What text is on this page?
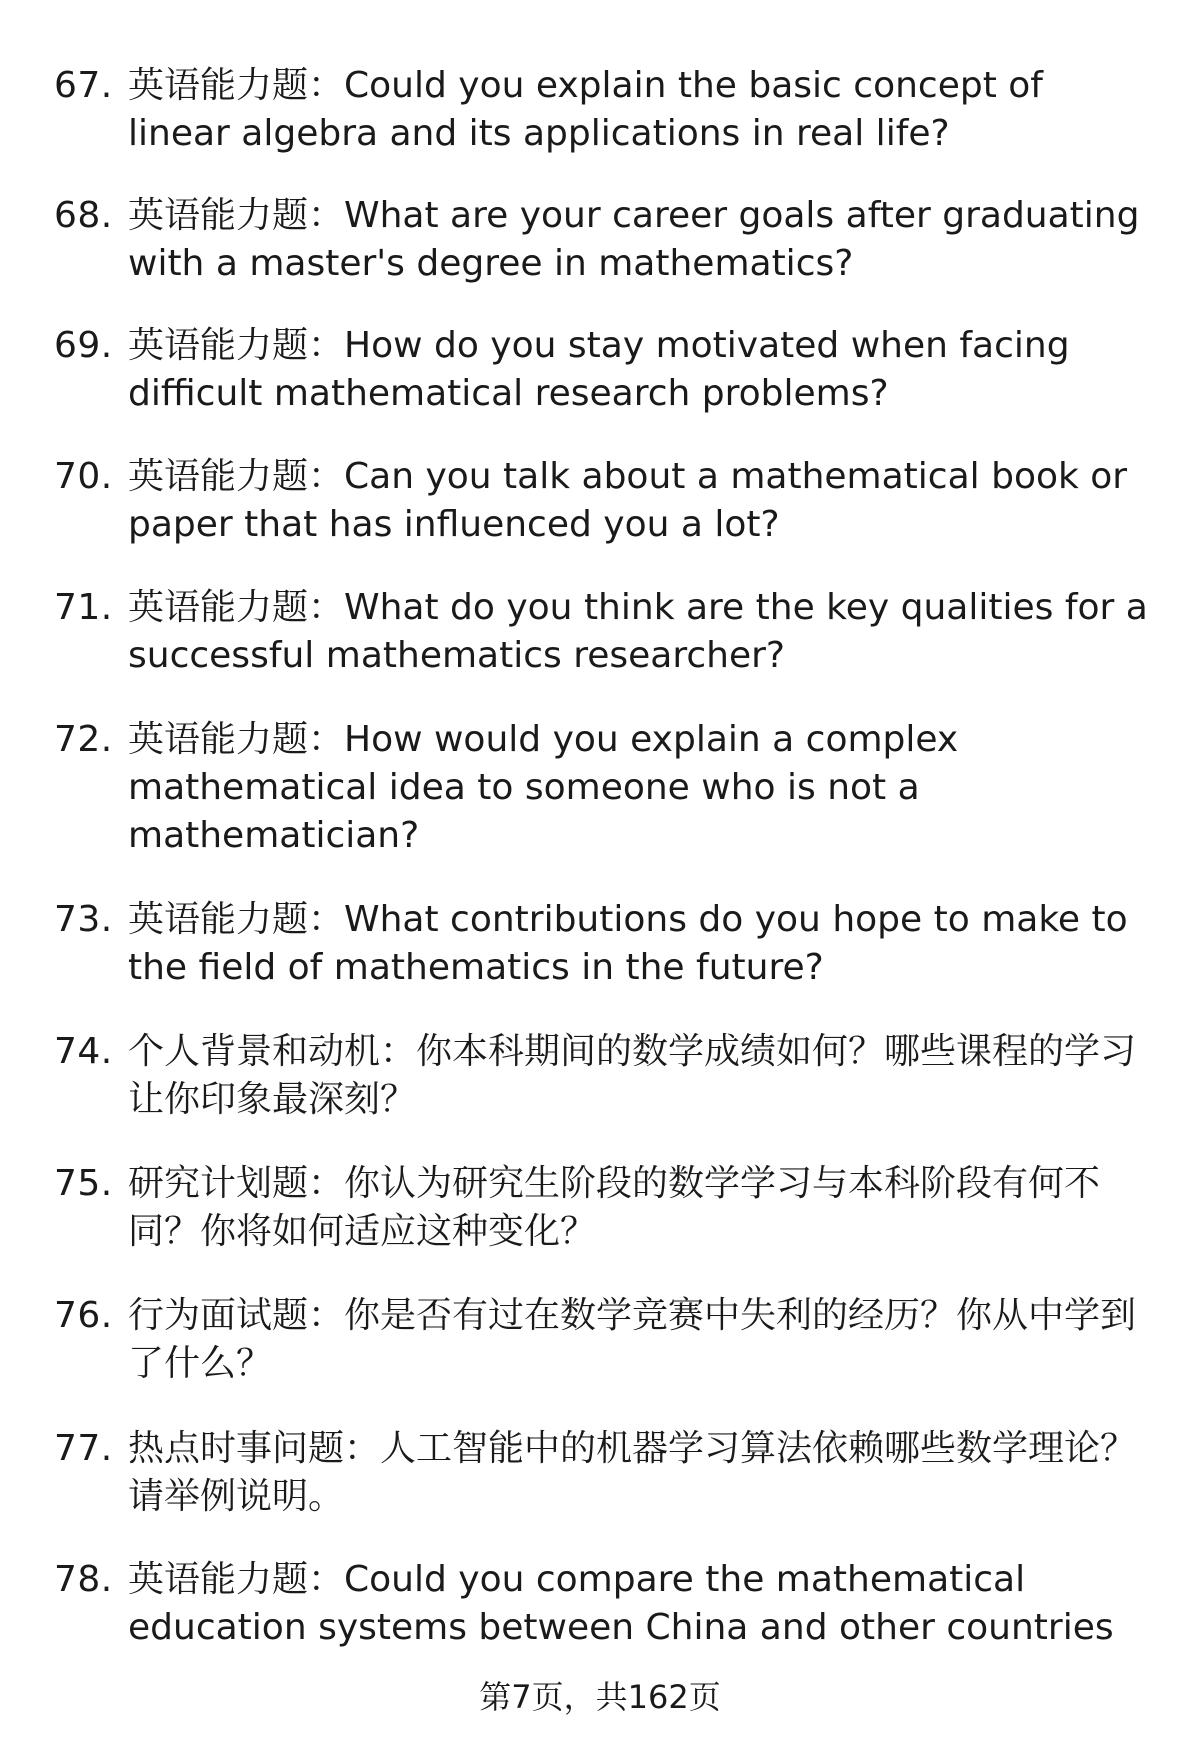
67. 英语能力题：Could you explain the basic concept of linear algebra and its applications in real life?
68. 英语能力题：What are your career goals after graduating with a master's degree in mathematics?
69. 英语能力题：How do you stay motivated when facing difficult mathematical research problems?
70. 英语能力题：Can you talk about a mathematical book or paper that has influenced you a lot?
71. 英语能力题：What do you think are the key qualities for a successful mathematics researcher?
72. 英语能力题：How would you explain a complex mathematical idea to someone who is not a mathematician?
73. 英语能力题：What contributions do you hope to make to the field of mathematics in the future?
74. 个人背景和动机：你本科期间的数学成绩如何？哪些课程的学习让你印象最深刻？
75. 研究计划题：你认为研究生阶段的数学学习与本科阶段有何不同？你将如何适应这种变化？
76. 行为面试题：你是否有过在数学竞赛中失利的经历？你从中学到了什么？
77. 热点时事问题：人工智能中的机器学习算法依赖哪些数学理论？请举例说明。
78. 英语能力题：Could you compare the mathematical education systems between China and other countries
第7页，共162页
